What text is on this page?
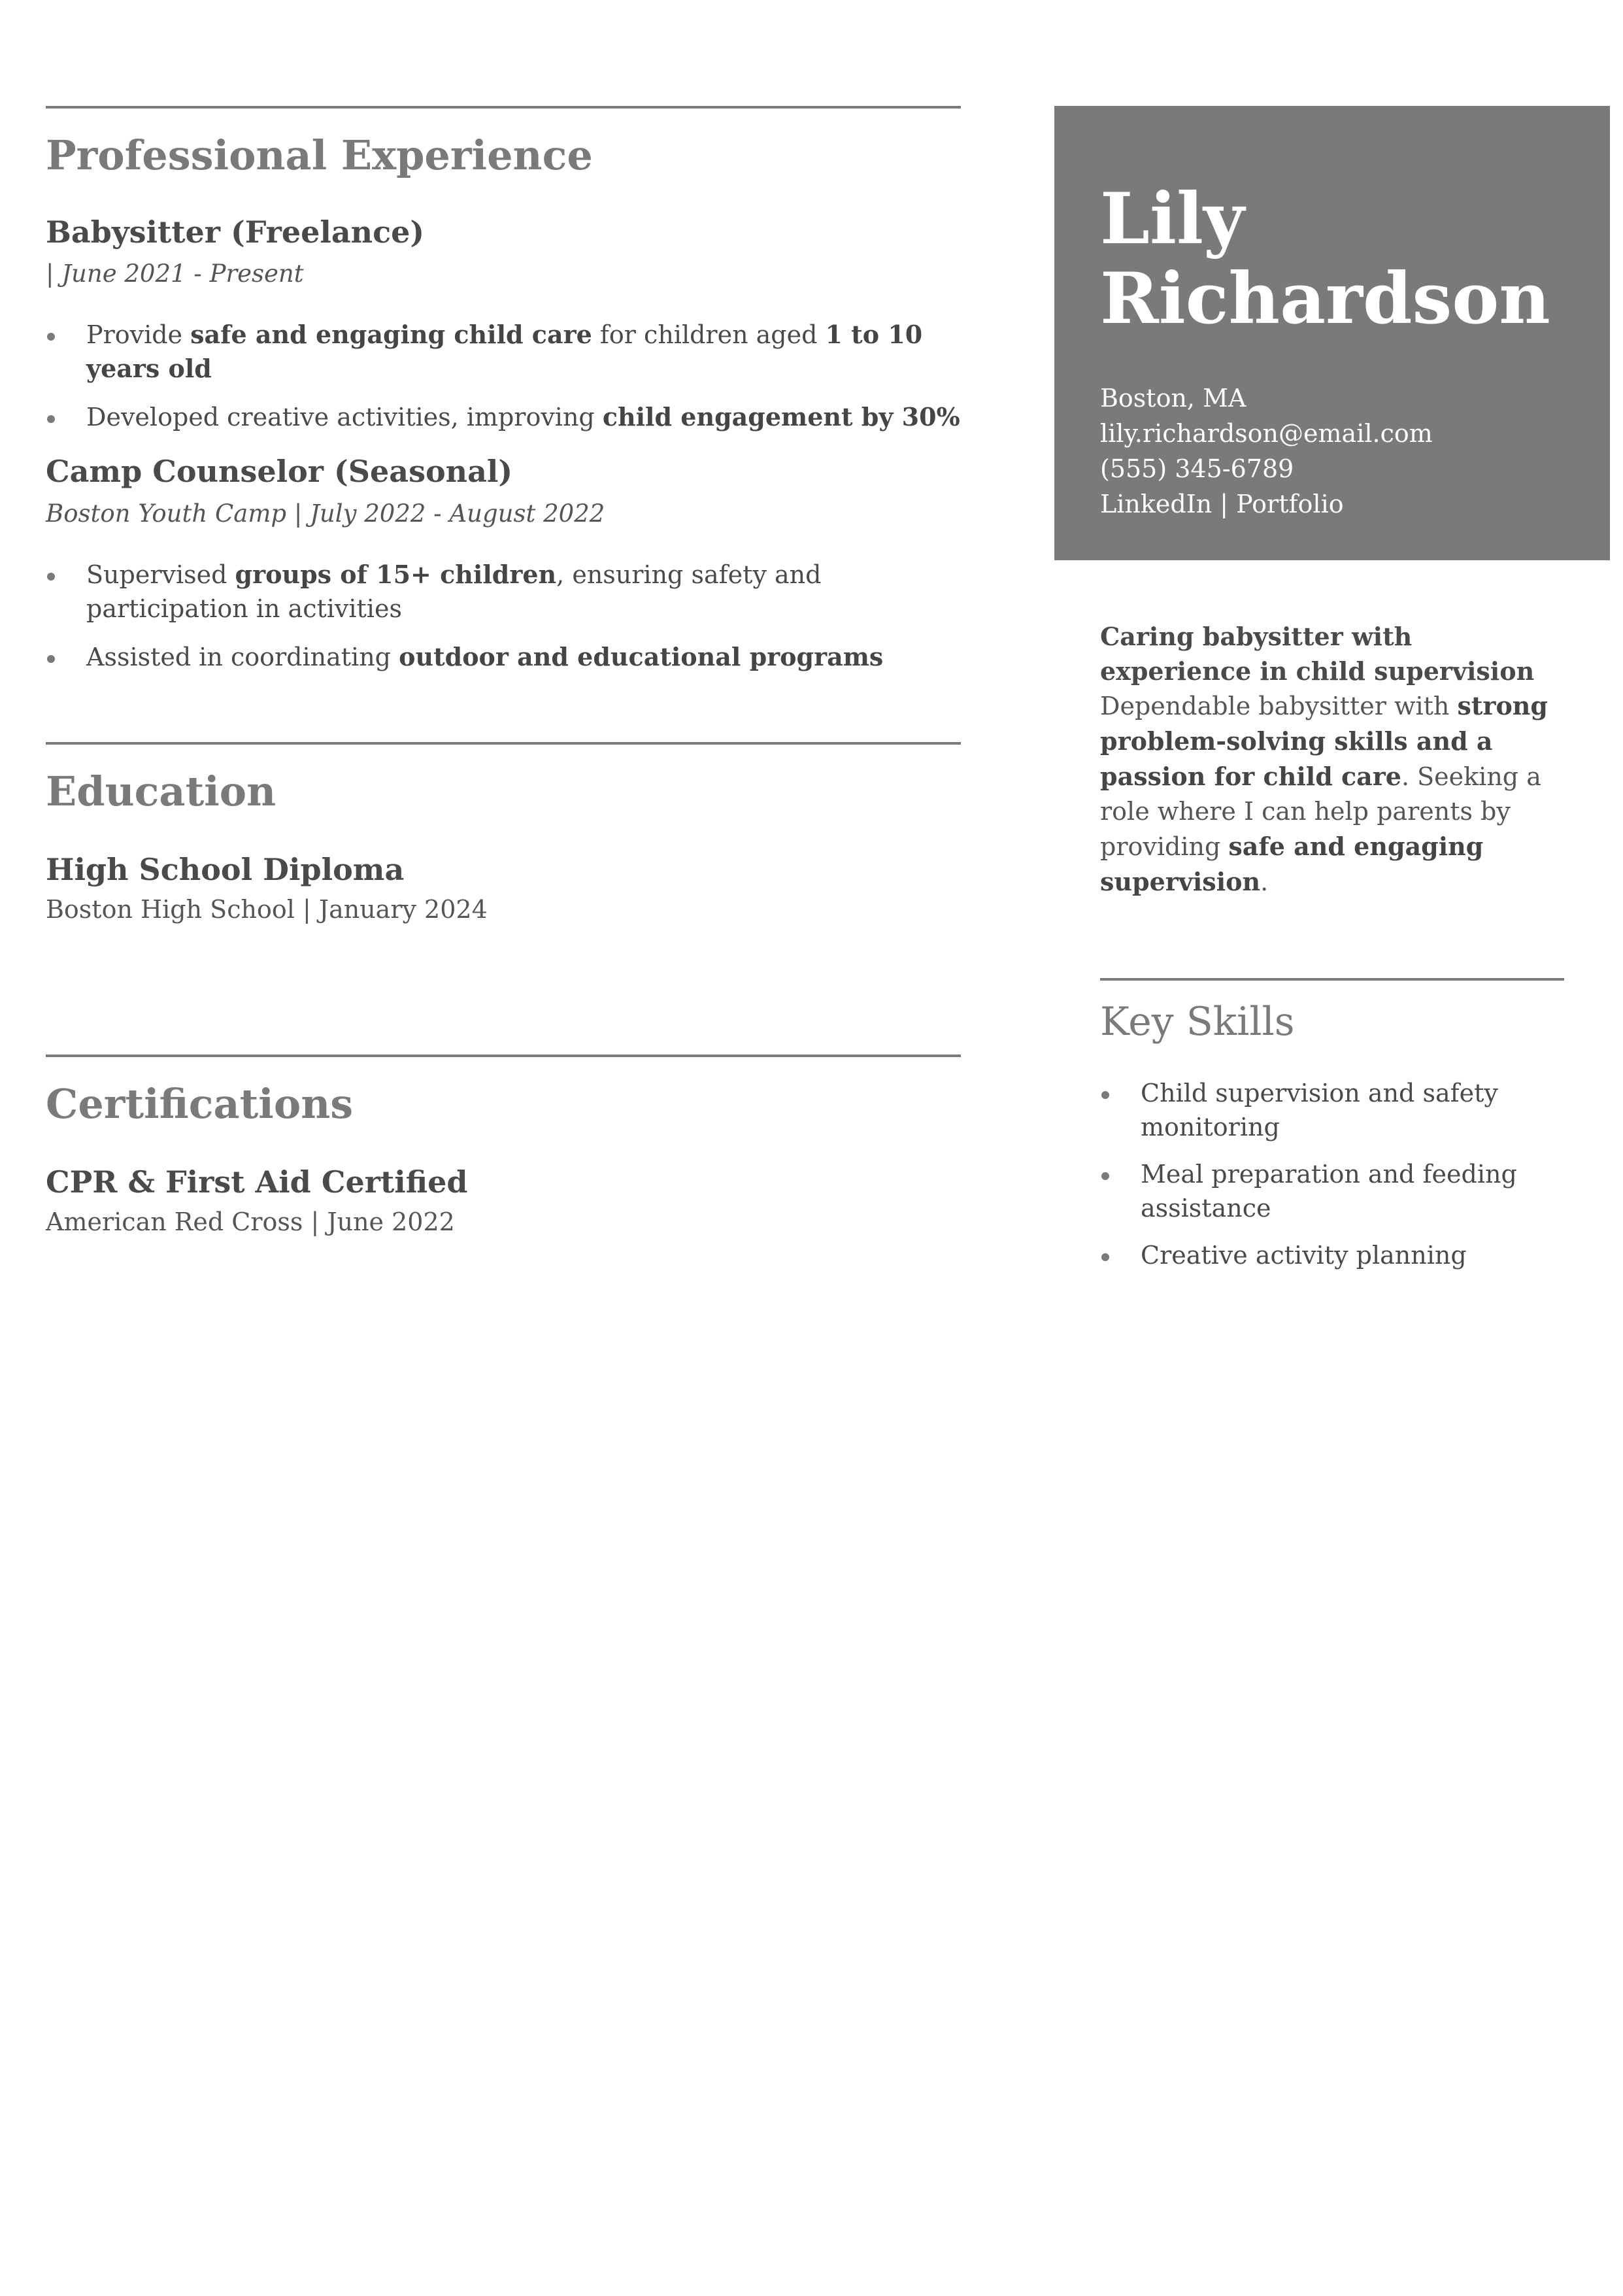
Professional Experience
Babysitter (Freelance)
| June 2021 - Present
Provide safe and engaging child care for children aged 1 to 10 years old
Developed creative activities, improving child engagement by 30%
Camp Counselor (Seasonal)
Boston Youth Camp | July 2022 - August 2022
Supervised groups of 15+ children, ensuring safety and participation in activities
Assisted in coordinating outdoor and educational programs
Education
High School Diploma
Boston High School | January 2024
Certifications
CPR & First Aid Certified
American Red Cross | June 2022
Lily
Richardson
Boston, MA
lily.richardson@email.com
(555) 345-6789
LinkedIn | Portfolio
Caring babysitter with experience in child supervision
Dependable babysitter with strong problem-solving skills and a passion for child care. Seeking a role where I can help parents by providing safe and engaging supervision.
Key Skills
Child supervision and safety monitoring
Meal preparation and feeding assistance
Creative activity planning
